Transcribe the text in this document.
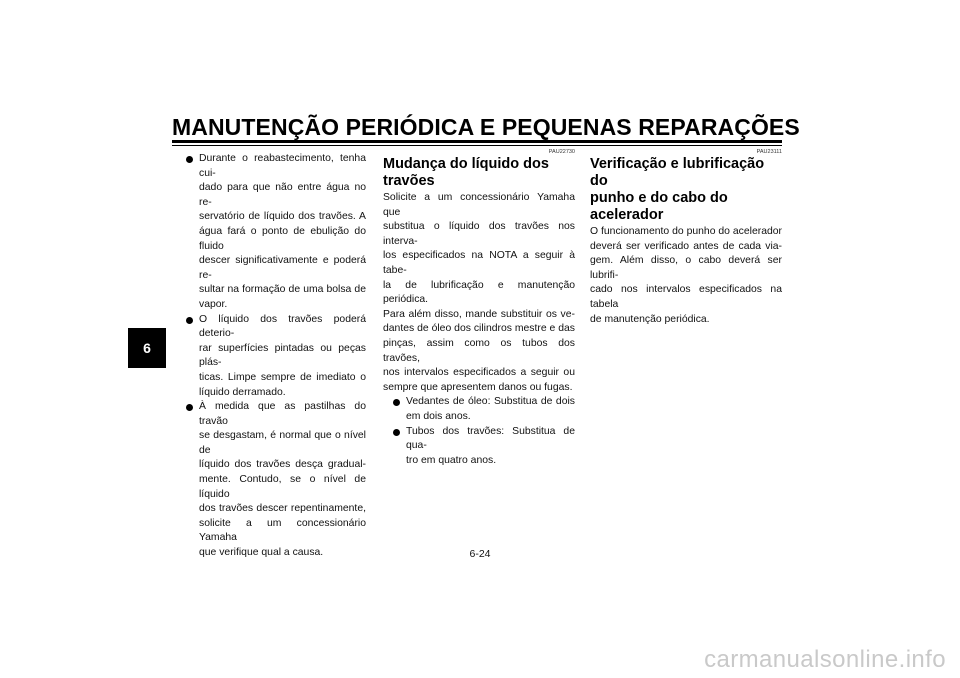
MANUTENÇÃO PERIÓDICA E PEQUENAS REPARAÇÕES
6
Durante o reabastecimento, tenha cui-
dado para que não entre água no re-
servatório de líquido dos travões. A
água fará o ponto de ebulição do fluido
descer significativamente e poderá re-
sultar na formação de uma bolsa de
vapor.
O líquido dos travões poderá deterio-
rar superfícies pintadas ou peças plás-
ticas. Limpe sempre de imediato o
líquido derramado.
À medida que as pastilhas do travão
se desgastam, é normal que o nível de
líquido dos travões desça gradual-
mente. Contudo, se o nível de líquido
dos travões descer repentinamente,
solicite a um concessionário Yamaha
que verifique qual a causa.
PAU22730
Mudança do líquido dos travões
Solicite a um concessionário Yamaha que
substitua o líquido dos travões nos interva-
los especificados na NOTA a seguir à tabe-
la de lubrificação e manutenção periódica.
Para além disso, mande substituir os ve-
dantes de óleo dos cilindros mestre e das
pinças, assim como os tubos dos travões,
nos intervalos especificados a seguir ou
sempre que apresentem danos ou fugas.
Vedantes de óleo: Substitua de dois
em dois anos.
Tubos dos travões: Substitua de qua-
tro em quatro anos.
PAU23111
Verificação e lubrificação do
punho e do cabo do acelerador
O funcionamento do punho do acelerador
deverá ser verificado antes de cada via-
gem. Além disso, o cabo deverá ser lubrifi-
cado nos intervalos especificados na tabela
de manutenção periódica.
6-24
carmanualsonline.info
